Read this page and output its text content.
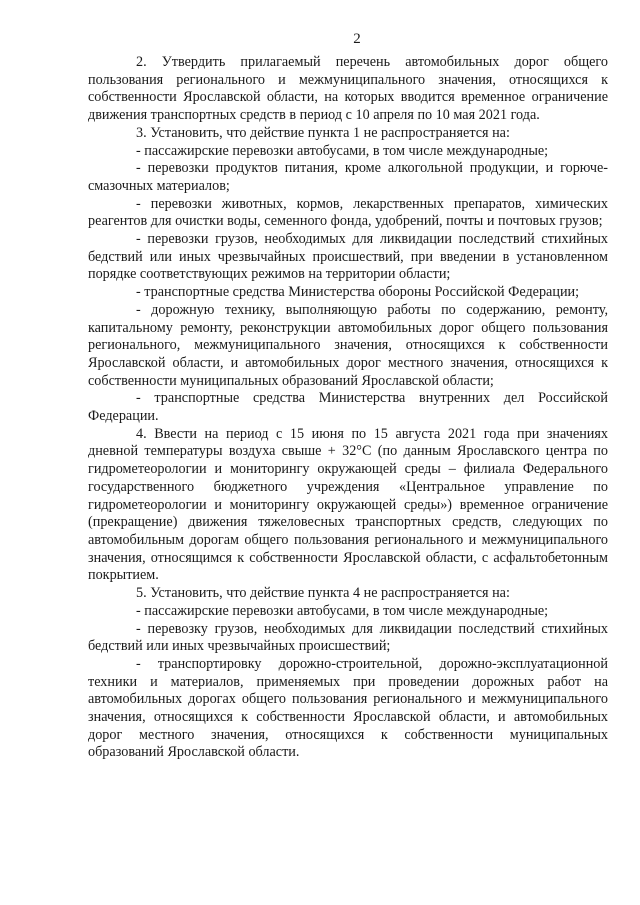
2

2. Утвердить прилагаемый перечень автомобильных дорог общего пользования регионального и межмуниципального значения, относящихся к собственности Ярославской области, на которых вводится временное ограничение движения транспортных средств в период с 10 апреля по 10 мая 2021 года.

3. Установить, что действие пункта 1 не распространяется на:

- пассажирские перевозки автобусами, в том числе международные;

- перевозки продуктов питания, кроме алкогольной продукции, и горюче-смазочных материалов;

- перевозки животных, кормов, лекарственных препаратов, химических реагентов для очистки воды, семенного фонда, удобрений, почты и почтовых грузов;

- перевозки грузов, необходимых для ликвидации последствий стихийных бедствий или иных чрезвычайных происшествий, при введении в установленном порядке соответствующих режимов на территории области;

- транспортные средства Министерства обороны Российской Федерации;

- дорожную технику, выполняющую работы по содержанию, ремонту, капитальному ремонту, реконструкции автомобильных дорог общего пользования регионального, межмуниципального значения, относящихся к собственности Ярославской области, и автомобильных дорог местного значения, относящихся к собственности муниципальных образований Ярославской области;

- транспортные средства Министерства внутренних дел Российской Федерации.

4. Ввести на период с 15 июня по 15 августа 2021 года при значениях дневной температуры воздуха свыше + 32°С (по данным Ярославского центра по гидрометеорологии и мониторингу окружающей среды – филиала Федерального государственного бюджетного учреждения «Центральное управление по гидрометеорологии и мониторингу окружающей среды») временное ограничение (прекращение) движения тяжеловесных транспортных средств, следующих по автомобильным дорогам общего пользования регионального и межмуниципального значения, относящимся к собственности Ярославской области, с асфальтобетонным покрытием.

5. Установить, что действие пункта 4 не распространяется на:

- пассажирские перевозки автобусами, в том числе международные;

- перевозку грузов, необходимых для ликвидации последствий стихийных бедствий или иных чрезвычайных происшествий;

- транспортировку дорожно-строительной, дорожно-эксплуатационной техники и материалов, применяемых при проведении дорожных работ на автомобильных дорогах общего пользования регионального и межмуниципального значения, относящихся к собственности Ярославской области, и автомобильных дорог местного значения, относящихся к собственности муниципальных образований Ярославской области.
